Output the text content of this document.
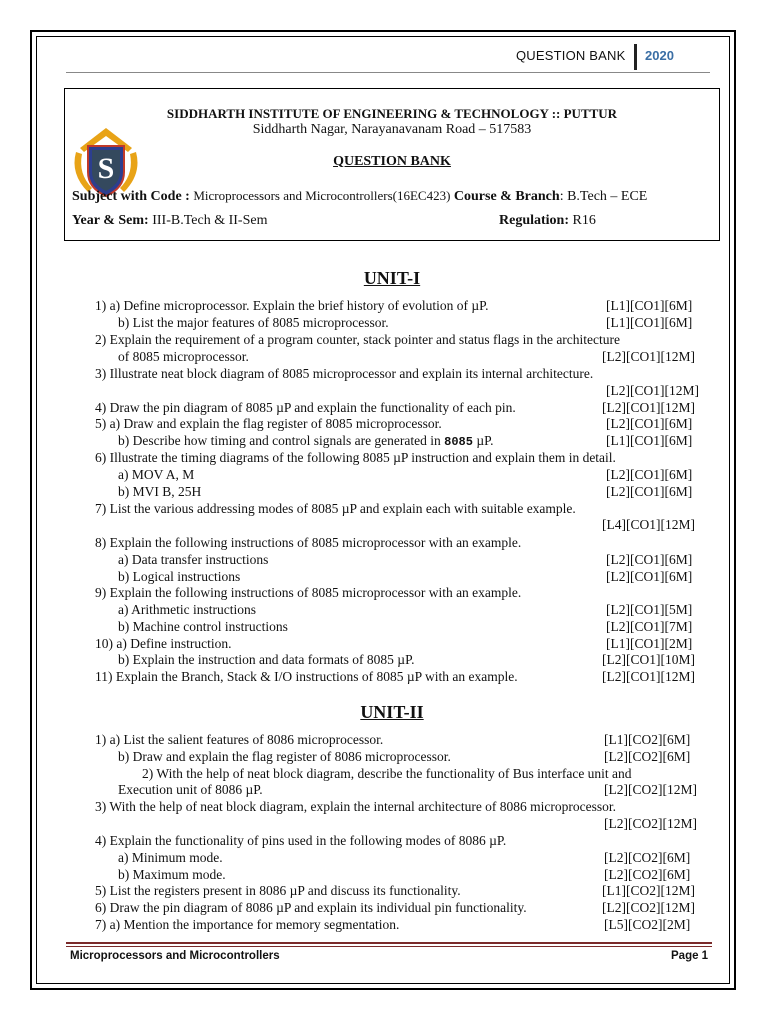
QUESTION BANK 2020
S
SIDDHARTH INSTITUTE OF ENGINEERING & TECHNOLOGY :: PUTTUR
Siddharth Nagar, Narayanavanam Road – 517583
QUESTION BANK
Subject with Code : Microprocessors and Microcontrollers(16EC423) Course & Branch: B.Tech – ECE
Year & Sem: III-B.Tech & II-Sem	Regulation: R16
UNIT-I
1) a) Define microprocessor. Explain the brief history of evolution of µP.	[L1][CO1][6M]
b) List the major features of 8085 microprocessor.	[L1][CO1][6M]
2) Explain the requirement of a program counter, stack pointer and status flags in the architecture
of 8085 microprocessor.	[L2][CO1][12M]
3) Illustrate neat block diagram of 8085 microprocessor and explain its internal architecture.
[L2][CO1][12M]
4) Draw the pin diagram of 8085 µP and explain the functionality of each pin.	[L2][CO1][12M]
5) a) Draw and explain the flag register of 8085 microprocessor.	[L2][CO1][6M]
b) Describe how timing and control signals are generated in 8085 µP.	[L1][CO1][6M]
6) Illustrate the timing diagrams of the following 8085 µP instruction and explain them in detail.
a) MOV A, M	[L2][CO1][6M]
b) MVI B, 25H	[L2][CO1][6M]
7) List the various addressing modes of 8085 µP and explain each with suitable example.
[L4][CO1][12M]
8) Explain the following instructions of 8085 microprocessor with an example.
a) Data transfer instructions	[L2][CO1][6M]
b) Logical instructions	[L2][CO1][6M]
9) Explain the following instructions of 8085 microprocessor with an example.
a) Arithmetic instructions	[L2][CO1][5M]
b) Machine control instructions	[L2][CO1][7M]
10) a) Define instruction.	[L1][CO1][2M]
b) Explain the instruction and data formats of 8085 µP.	[L2][CO1][10M]
11) Explain the Branch, Stack & I/O instructions of 8085 µP with an example.	[L2][CO1][12M]
UNIT-II
1) a) List the salient features of 8086 microprocessor.	[L1][CO2][6M]
b) Draw and explain the flag register of 8086 microprocessor.	[L2][CO2][6M]
2) With the help of neat block diagram, describe the functionality of Bus interface unit and
Execution unit of 8086 µP.	[L2][CO2][12M]
3) With the help of neat block diagram, explain the internal architecture of 8086 microprocessor.
[L2][CO2][12M]
4) Explain the functionality of pins used in the following modes of 8086 µP.
a) Minimum mode.	[L2][CO2][6M]
b) Maximum mode.	[L2][CO2][6M]
5) List the registers present in 8086 µP and discuss its functionality.	[L1][CO2][12M]
6) Draw the pin diagram of 8086 µP and explain its individual pin functionality.	[L2][CO2][12M]
7) a) Mention the importance for memory segmentation.	[L5][CO2][2M]
Microprocessors and Microcontrollers	Page 1
